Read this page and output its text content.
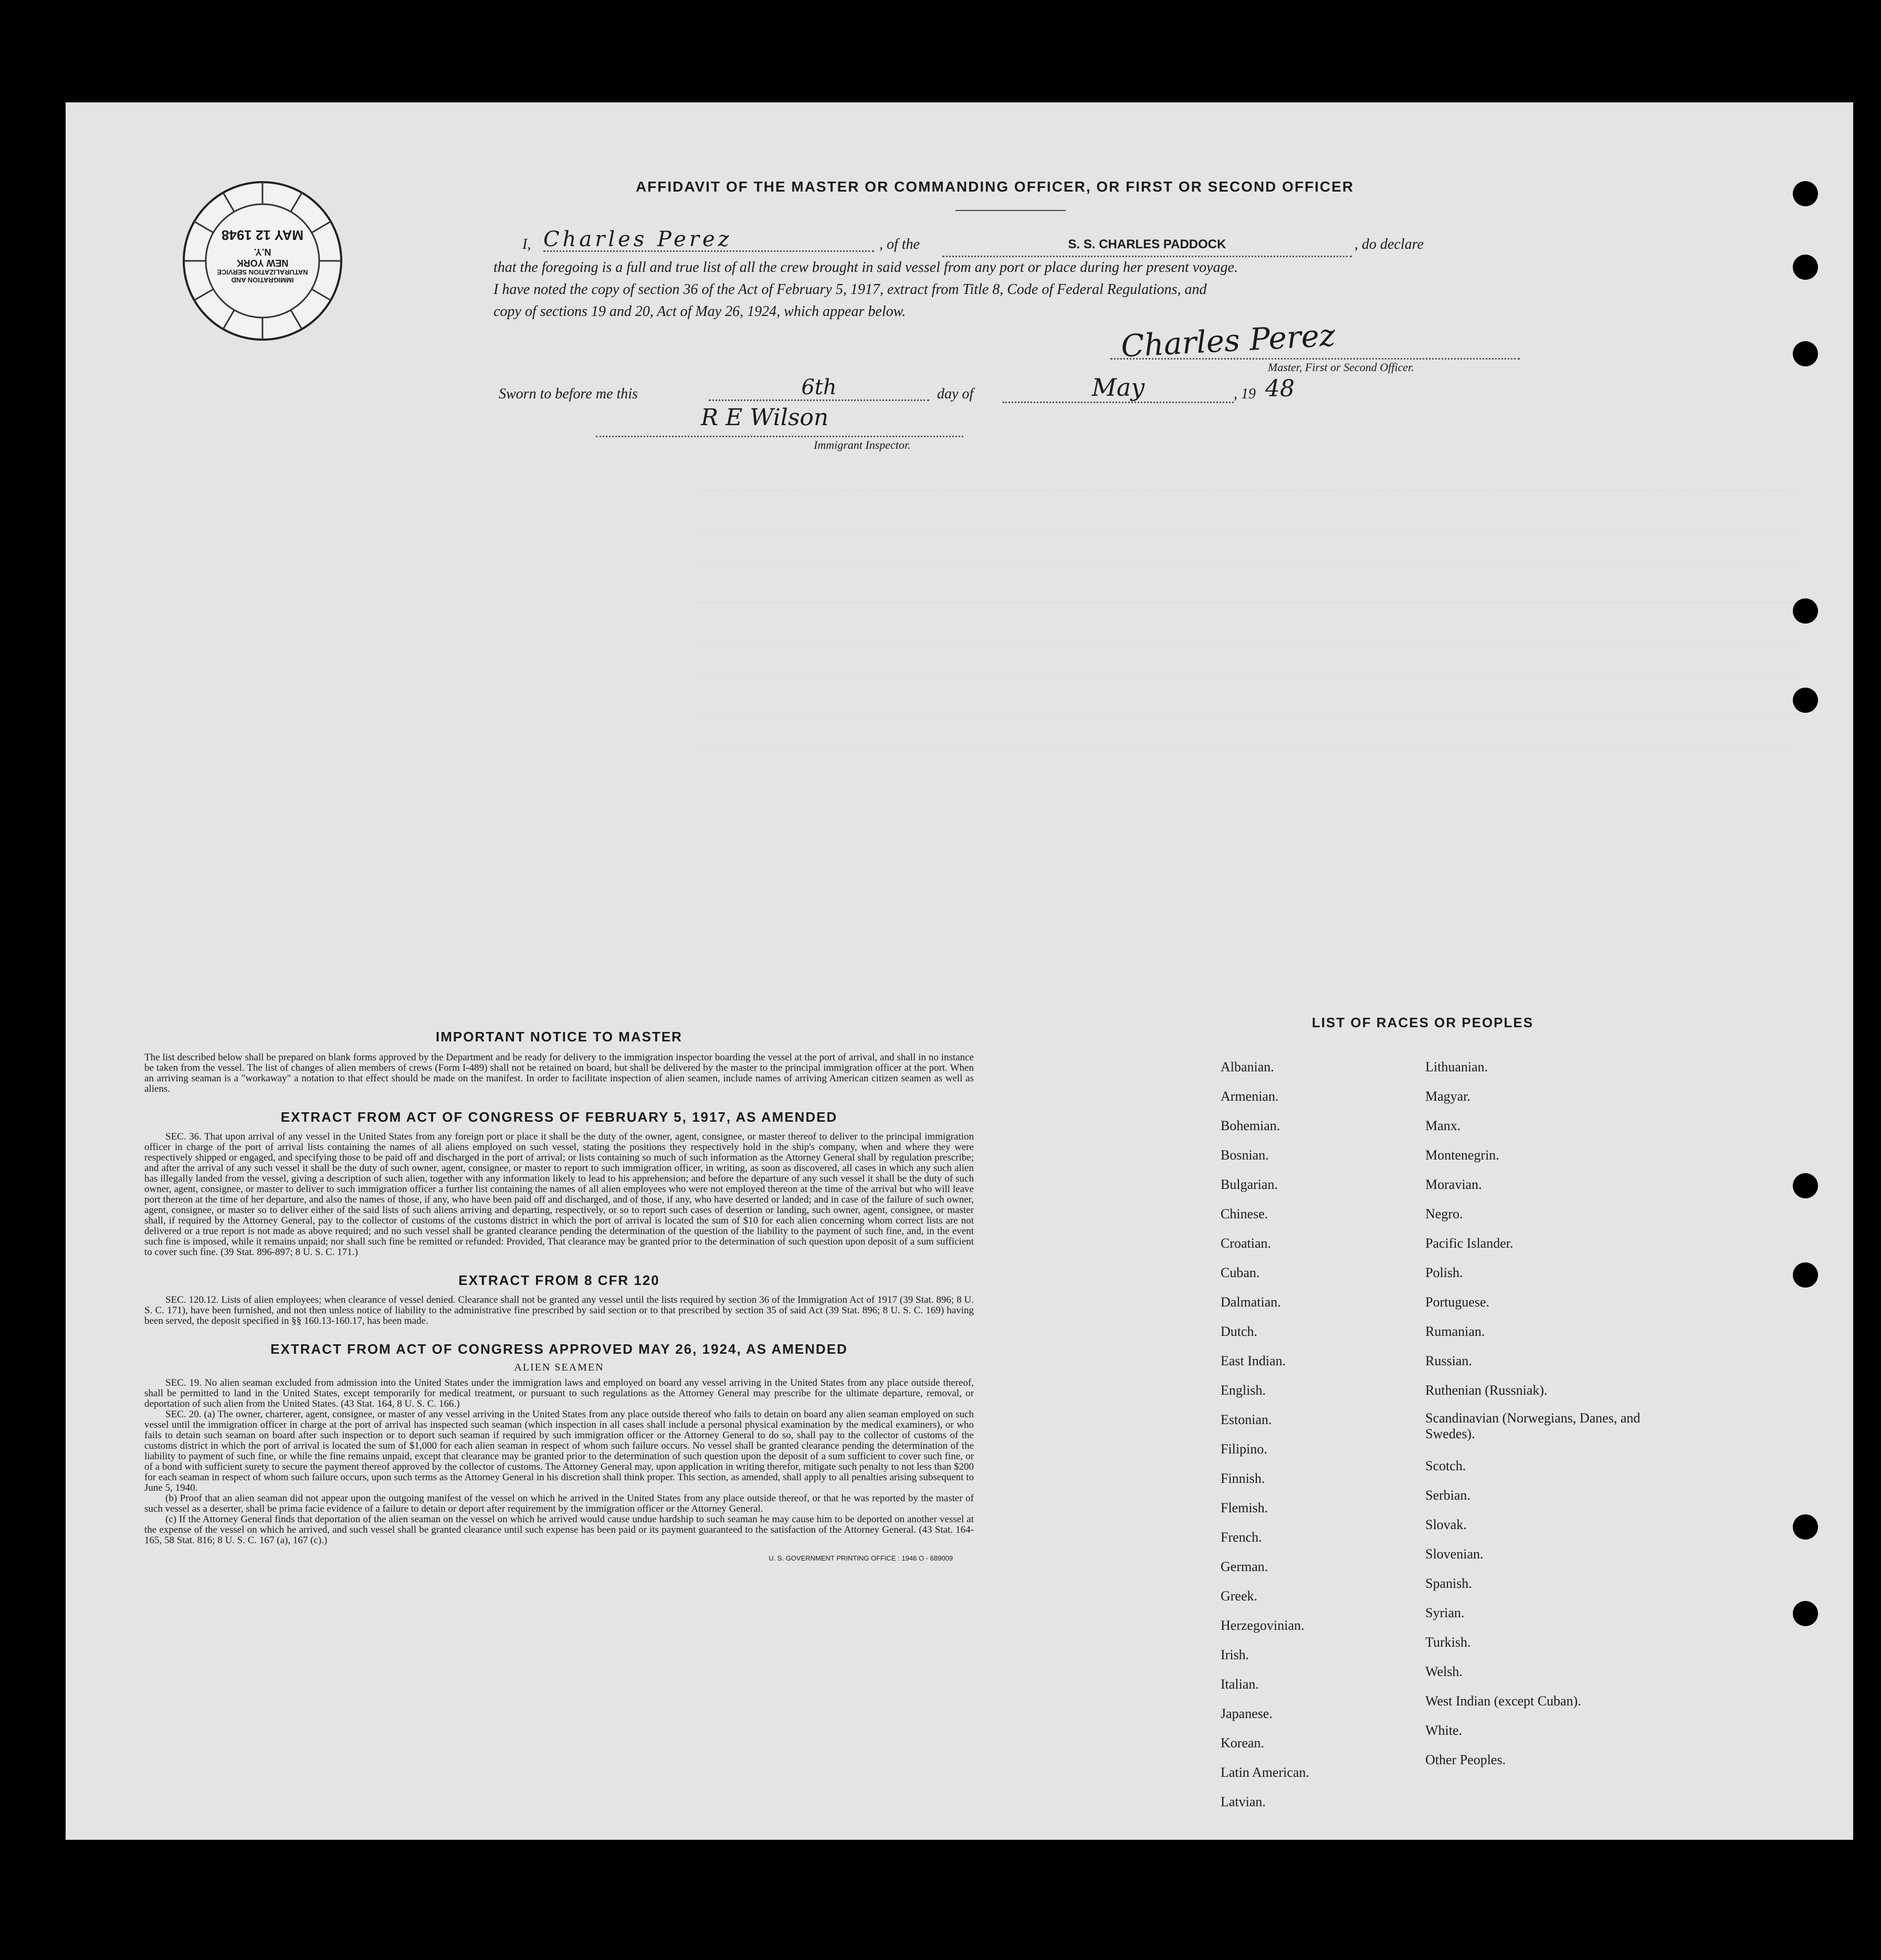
IMMIGRATION AND NATURALIZATION SERVICE
NEW YORK
N.Y.
MAY 12 1948
AFFIDAVIT OF THE MASTER OR COMMANDING OFFICER, OR FIRST OR SECOND OFFICER
I, Charles Perez	, of the	S. S. CHARLES PADDOCK	, do declare
that the foregoing is a full and true list of all the crew brought in said vessel from any port or place during her present voyage.
I have noted the copy of section 36 of the Act of February 5, 1917, extract from Title 8, Code of Federal Regulations, and
copy of sections 19 and 20, Act of May 26, 1924, which appear below.
Charles Perez
Master, First or Second Officer.
Sworn to before me this	6th	day of	May	, 19 48
R E Wilson
Immigrant Inspector.
IMPORTANT NOTICE TO MASTER
The list described below shall be prepared on blank forms approved by the Department and be ready for delivery to the immigration inspector boarding the vessel at the port of arrival, and shall in no instance be taken from the vessel. The list of changes of alien members of crews (Form I-489) shall not be retained on board, but shall be delivered by the master to the principal immigration officer at the port. When an arriving seaman is a "workaway" a notation to that effect should be made on the manifest. In order to facilitate inspection of alien seamen, include names of arriving American citizen seamen as well as aliens.
EXTRACT FROM ACT OF CONGRESS OF FEBRUARY 5, 1917, AS AMENDED
SEC. 36. That upon arrival of any vessel in the United States from any foreign port or place it shall be the duty of the owner, agent, consignee, or master thereof to deliver to the principal immigration officer in charge of the port of arrival lists containing the names of all aliens employed on such vessel, stating the positions they respectively hold in the ship's company, when and where they were respectively shipped or engaged, and specifying those to be paid off and discharged in the port of arrival; or lists containing so much of such information as the Attorney General shall by regulation prescribe; and after the arrival of any such vessel it shall be the duty of such owner, agent, consignee, or master to report to such immigration officer, in writing, as soon as discovered, all cases in which any such alien has illegally landed from the vessel, giving a description of such alien, together with any information likely to lead to his apprehension; and before the departure of any such vessel it shall be the duty of such owner, agent, consignee, or master to deliver to such immigration officer a further list containing the names of all alien employees who were not employed thereon at the time of the arrival but who will leave port thereon at the time of her departure, and also the names of those, if any, who have been paid off and discharged, and of those, if any, who have deserted or landed; and in case of the failure of such owner, agent, consignee, or master so to deliver either of the said lists of such aliens arriving and departing, respectively, or so to report such cases of desertion or landing, such owner, agent, consignee, or master shall, if required by the Attorney General, pay to the collector of customs of the customs district in which the port of arrival is located the sum of $10 for each alien concerning whom correct lists are not delivered or a true report is not made as above required; and no such vessel shall be granted clearance pending the determination of the question of the liability to the payment of such fine, and, in the event such fine is imposed, while it remains unpaid; nor shall such fine be remitted or refunded: Provided, That clearance may be granted prior to the determination of such question upon deposit of a sum sufficient to cover such fine. (39 Stat. 896-897; 8 U. S. C. 171.)
EXTRACT FROM 8 CFR 120
SEC. 120.12. Lists of alien employees; when clearance of vessel denied. Clearance shall not be granted any vessel until the lists required by section 36 of the Immigration Act of 1917 (39 Stat. 896; 8 U. S. C. 171), have been furnished, and not then unless notice of liability to the administrative fine prescribed by said section or to that prescribed by section 35 of said Act (39 Stat. 896; 8 U. S. C. 169) having been served, the deposit specified in §§ 160.13-160.17, has been made.
EXTRACT FROM ACT OF CONGRESS APPROVED MAY 26, 1924, AS AMENDED
ALIEN SEAMEN
SEC. 19. No alien seaman excluded from admission into the United States under the immigration laws and employed on board any vessel arriving in the United States from any place outside thereof, shall be permitted to land in the United States, except temporarily for medical treatment, or pursuant to such regulations as the Attorney General may prescribe for the ultimate departure, removal, or deportation of such alien from the United States. (43 Stat. 164, 8 U. S. C. 166.)
SEC. 20. (a) The owner, charterer, agent, consignee, or master of any vessel arriving in the United States from any place outside thereof who fails to detain on board any alien seaman employed on such vessel until the immigration officer in charge at the port of arrival has inspected such seaman (which inspection in all cases shall include a personal physical examination by the medical examiners), or who fails to detain such seaman on board after such inspection or to deport such seaman if required by such immigration officer or the Attorney General to do so, shall pay to the collector of customs of the customs district in which the port of arrival is located the sum of $1,000 for each alien seaman in respect of whom such failure occurs. No vessel shall be granted clearance pending the determination of the liability to payment of such fine, or while the fine remains unpaid, except that clearance may be granted prior to the determination of such question upon the deposit of a sum sufficient to cover such fine, or of a bond with sufficient surety to secure the payment thereof approved by the collector of customs. The Attorney General may, upon application in writing therefor, mitigate such penalty to not less than $200 for each seaman in respect of whom such failure occurs, upon such terms as the Attorney General in his discretion shall think proper. This section, as amended, shall apply to all penalties arising subsequent to June 5, 1940.
(b) Proof that an alien seaman did not appear upon the outgoing manifest of the vessel on which he arrived in the United States from any place outside thereof, or that he was reported by the master of such vessel as a deserter, shall be prima facie evidence of a failure to detain or deport after requirement by the immigration officer or the Attorney General.
(c) If the Attorney General finds that deportation of the alien seaman on the vessel on which he arrived would cause undue hardship to such seaman he may cause him to be deported on another vessel at the expense of the vessel on which he arrived, and such vessel shall be granted clearance until such expense has been paid or its payment guaranteed to the satisfaction of the Attorney General. (43 Stat. 164-165, 58 Stat. 816; 8 U. S. C. 167 (a), 167 (c).)
U. S. GOVERNMENT PRINTING OFFICE : 1946 O - 689009
LIST OF RACES OR PEOPLES
Albanian.
Armenian.
Bohemian.
Bosnian.
Bulgarian.
Chinese.
Croatian.
Cuban.
Dalmatian.
Dutch.
East Indian.
English.
Estonian.
Filipino.
Finnish.
Flemish.
French.
German.
Greek.
Herzegovinian.
Irish.
Italian.
Japanese.
Korean.
Latin American.
Latvian.
Lithuanian.
Magyar.
Manx.
Montenegrin.
Moravian.
Negro.
Pacific Islander.
Polish.
Portuguese.
Rumanian.
Russian.
Ruthenian (Russniak).
Scandinavian (Norwegians, Danes, and Swedes).
Scotch.
Serbian.
Slovak.
Slovenian.
Spanish.
Syrian.
Turkish.
Welsh.
West Indian (except Cuban).
White.
Other Peoples.
